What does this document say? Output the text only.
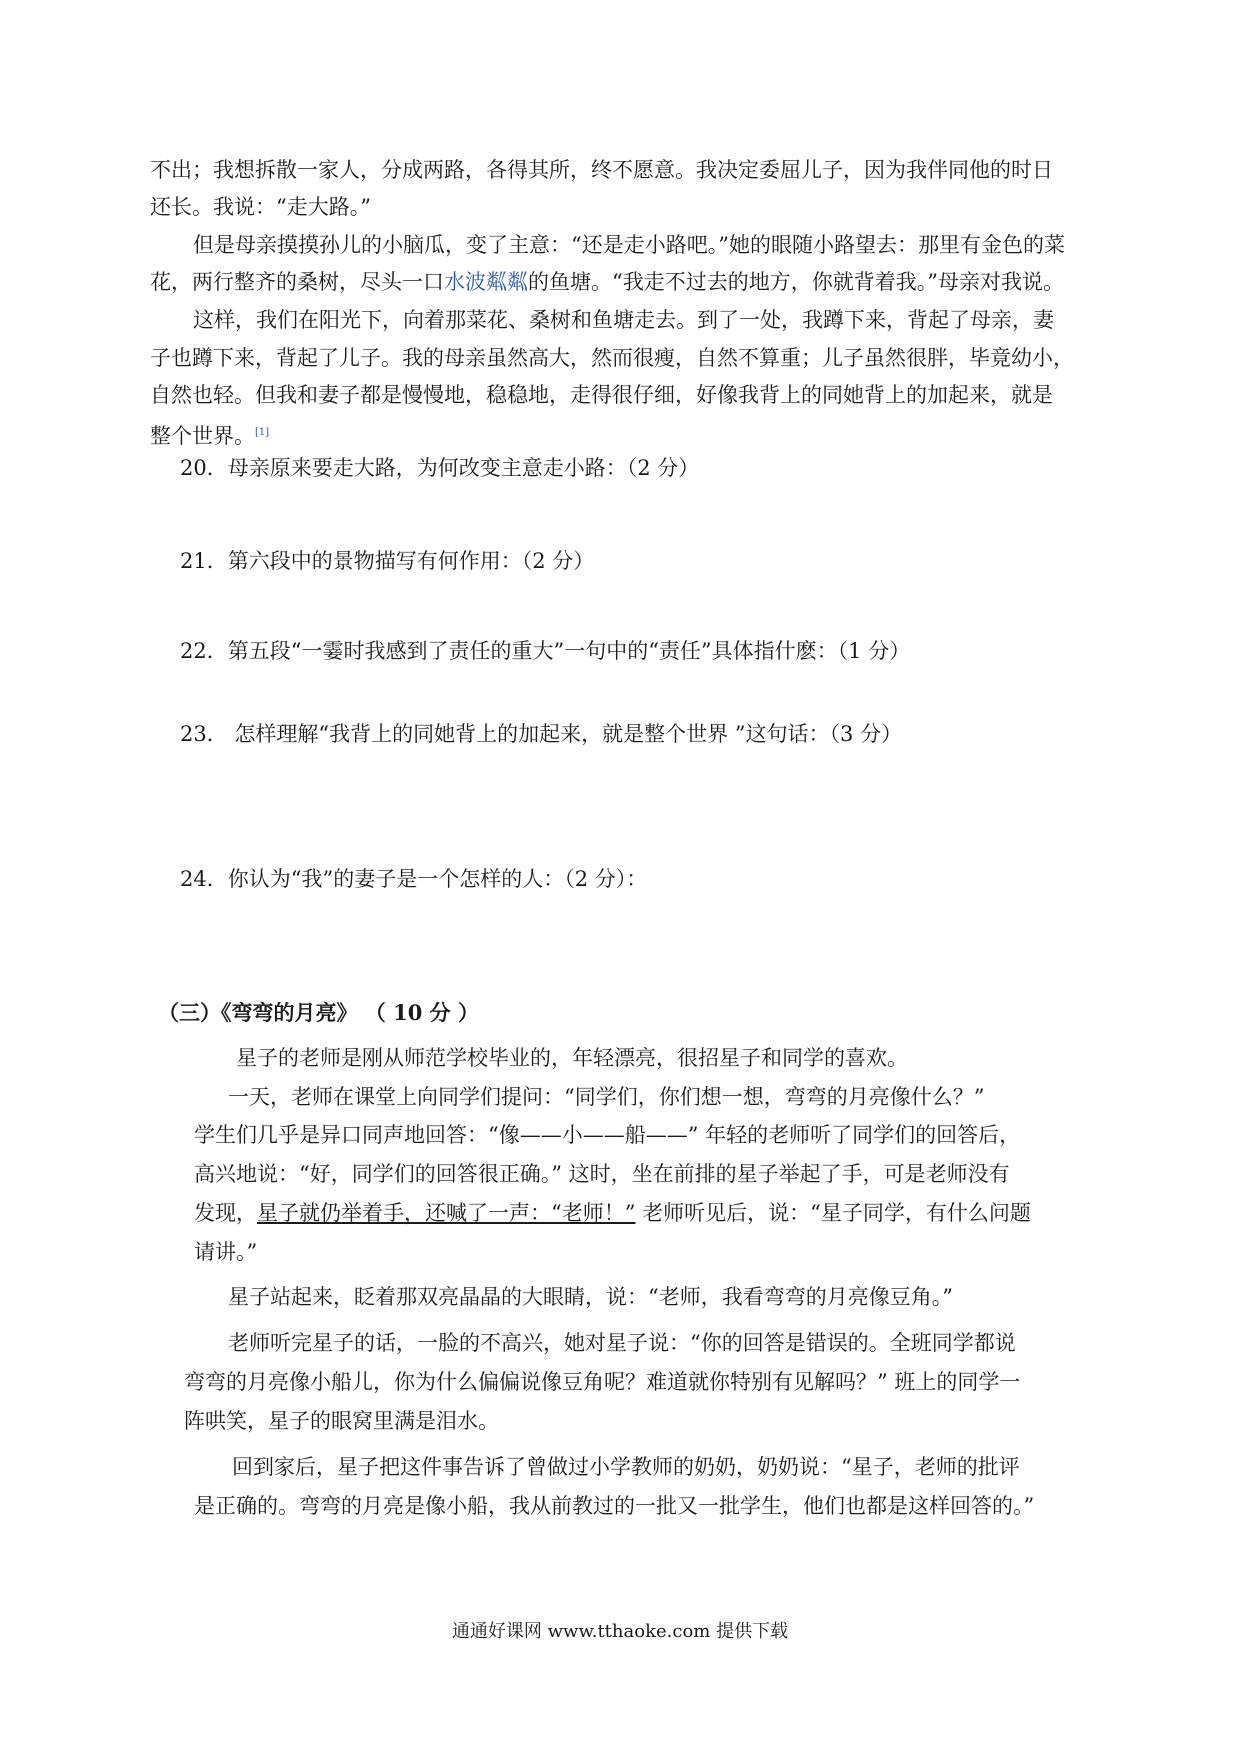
不出；我想拆散一家人，分成两路，各得其所，终不愿意。我决定委屈儿子，因为我伴同他的时日
还长。我说：“走大路。”
但是母亲摸摸孙儿的小脑瓜，变了主意：“还是走小路吧。”她的眼随小路望去：那里有金色的菜
花，两行整齐的桑树，尽头一口水波粼粼的鱼塘。“我走不过去的地方，你就背着我。”母亲对我说。
这样，我们在阳光下，向着那菜花、桑树和鱼塘走去。到了一处，我蹲下来，背起了母亲，妻
子也蹲下来，背起了儿子。我的母亲虽然高大，然而很瘦，自然不算重；儿子虽然很胖，毕竟幼小，
自然也轻。但我和妻子都是慢慢地，稳稳地，走得很仔细，好像我背上的同她背上的加起来，就是
整个世界。[1]
20．母亲原来要走大路，为何改变主意走小路：（2 分）
21．第六段中的景物描写有何作用：（2 分）
22．第五段“一霎时我感到了责任的重大”一句中的“责任”具体指什麽：（1 分）
23． 怎样理解“我背上的同她背上的加起来，就是整个世界 ”这句话：（3 分）
24．你认为“我”的妻子是一个怎样的人：（2 分）：
（三）《弯弯的月亮》 （ 10 分 ）
星子的老师是刚从师范学校毕业的，年轻漂亮，很招星子和同学的喜欢。
一天，老师在课堂上向同学们提问：“同学们，你们想一想，弯弯的月亮像什么？”
学生们几乎是异口同声地回答：“像——小——船——” 年轻的老师听了同学们的回答后，
高兴地说：“好，同学们的回答很正确。” 这时，坐在前排的星子举起了手，可是老师没有
发现，星子就仍举着手，还喊了一声：“老师！” 老师听见后，说：“星子同学，有什么问题
请讲。”
星子站起来，眨着那双亮晶晶的大眼睛，说：“老师，我看弯弯的月亮像豆角。”
老师听完星子的话，一脸的不高兴，她对星子说：“你的回答是错误的。全班同学都说
弯弯的月亮像小船儿，你为什么偏偏说像豆角呢？难道就你特别有见解吗？” 班上的同学一
阵哄笑，星子的眼窝里满是泪水。
回到家后，星子把这件事告诉了曾做过小学教师的奶奶，奶奶说：“星子，老师的批评
是正确的。弯弯的月亮是像小船，我从前教过的一批又一批学生，他们也都是这样回答的。”
通通好课网 www.tthaoke.com 提供下载
